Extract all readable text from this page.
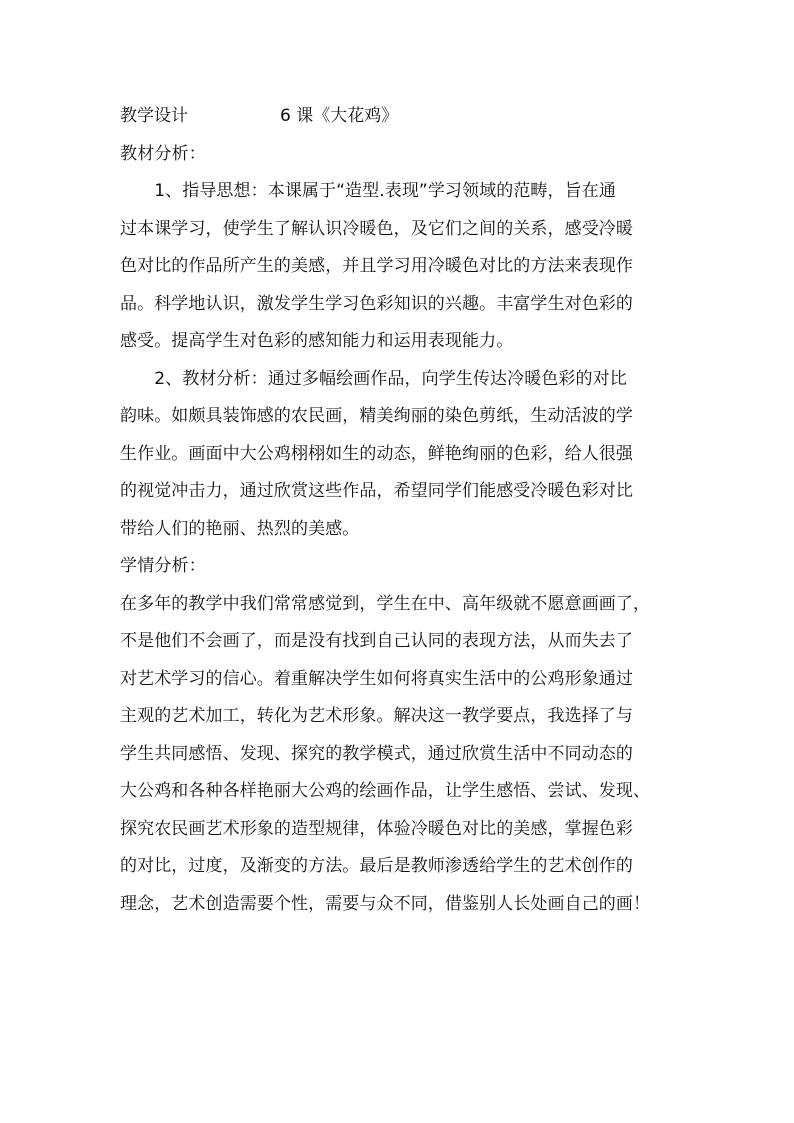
教学设计	6 课《大花鸡》
教材分析：
　　1、指导思想：本课属于“造型.表现”学习领域的范畴，旨在通
过本课学习，使学生了解认识冷暖色，及它们之间的关系，感受冷暖
色对比的作品所产生的美感，并且学习用冷暖色对比的方法来表现作
品。科学地认识，激发学生学习色彩知识的兴趣。丰富学生对色彩的
感受。提高学生对色彩的感知能力和运用表现能力。
　　2、教材分析：通过多幅绘画作品，向学生传达冷暖色彩的对比
韵味。如颇具装饰感的农民画，精美绚丽的染色剪纸，生动活波的学
生作业。画面中大公鸡栩栩如生的动态，鲜艳绚丽的色彩，给人很强
的视觉冲击力，通过欣赏这些作品，希望同学们能感受冷暖色彩对比
带给人们的艳丽、热烈的美感。
学情分析：
在多年的教学中我们常常感觉到，学生在中、高年级就不愿意画画了，
不是他们不会画了，而是没有找到自己认同的表现方法，从而失去了
对艺术学习的信心。着重解决学生如何将真实生活中的公鸡形象通过
主观的艺术加工，转化为艺术形象。解决这一教学要点，我选择了与
学生共同感悟、发现、探究的教学模式，通过欣赏生活中不同动态的
大公鸡和各种各样艳丽大公鸡的绘画作品，让学生感悟、尝试、发现、
探究农民画艺术形象的造型规律，体验冷暖色对比的美感，掌握色彩
的对比，过度，及渐变的方法。最后是教师渗透给学生的艺术创作的
理念，艺术创造需要个性，需要与众不同，借鉴别人长处画自己的画！
